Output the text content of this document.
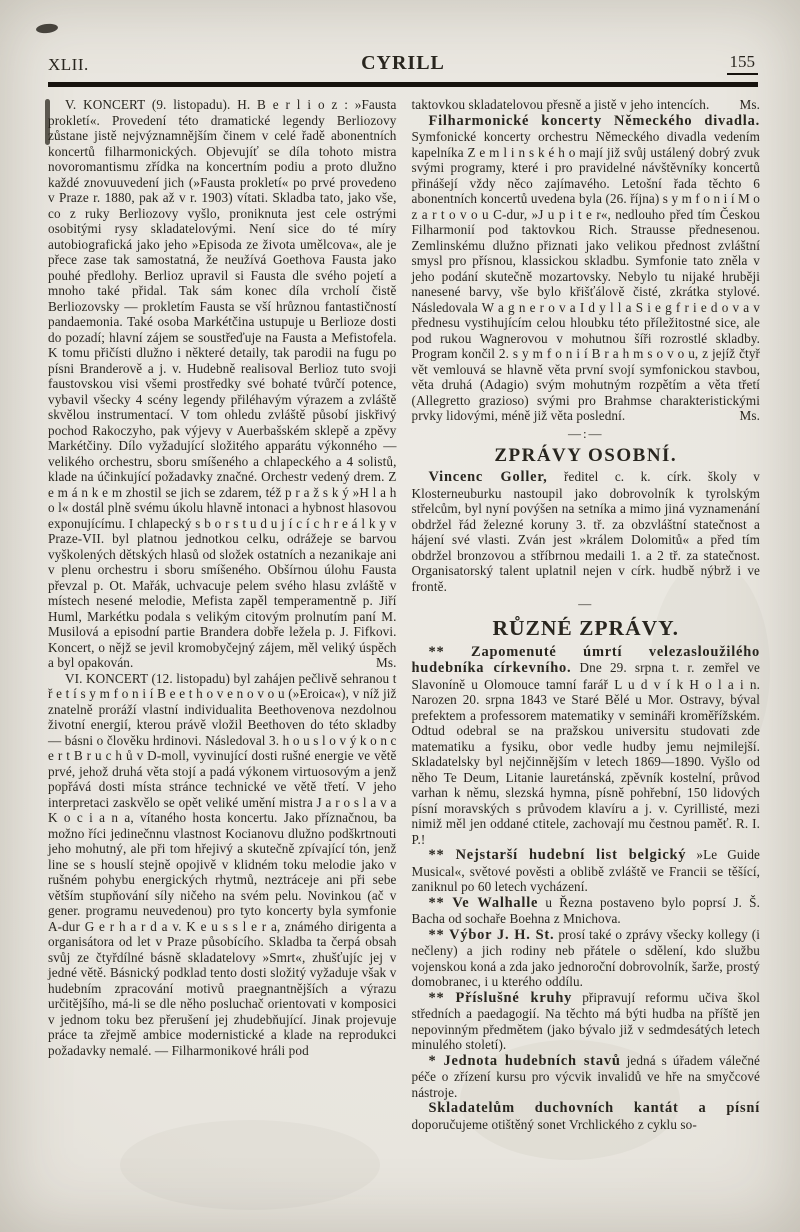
XLII.	CYRILL	155

V. KONCERT (9. listopadu). H. B e r l i o z : »Fausta prokletí«. Provedení této dramatické legendy Berliozovy zůstane jistě nejvýznamnějším činem v celé řadě abonentních koncertů filharmonických. Objevujíť se díla tohoto mistra novoromantismu zřídka na koncertním podiu a proto dlužno každé znovuuvedení jich (»Fausta prokletí« po prvé provedeno v Praze r. 1880, pak až v r. 1903) vítati. Skladba tato, jako vše, co z ruky Berliozovy vyšlo, proniknuta jest cele ostrými osobitými rysy skladatelovými. Není sice do té míry autobiografická jako jeho »Episoda ze života umělcova«, ale je přece zase tak samostatná, že neužívá Goethova Fausta jako pouhé předlohy. Berlioz upravil si Fausta dle svého pojetí a mnoho také přidal. Tak sám konec díla vrcholí čistě Berliozovsky — prokletím Fausta se vší hrůznou fantastičností pandaemonia. Také osoba Markétčina ustupuje u Berlioze dosti do pozadí; hlavní zájem se soustřeďuje na Fausta a Mefistofela. K tomu přičísti dlužno i některé detaily, tak parodii na fugu po písni Branderově a j. v. Hudebně realisoval Berlioz tuto svoji faustovskou visi všemi prostředky své bohaté tvůrčí potence, vybavil všecky 4 scény legendy přiléhavým výrazem a zvláště skvělou instrumentací. V tom ohledu zvláště působí jiskřivý pochod Rakoczyho, pak výjevy v Auerbašském sklepě a zpěvy Markétčiny. Dílo vyžadující složitého apparátu výkonného — velikého orchestru, sboru smíšeného a chlapeckého a 4 solistů, klade na účinkující požadavky značné. Orchestr vedený drem. Z e m á n k e m zhostil se jich se zdarem, též p r a ž s k ý »H l a h o l« dostál plně svému úkolu hlavně intonaci a hybnost hlasovou exponujícímu. I chlapecký s b o r s t u d u j í c í c h r e á l k y v Praze-VII. byl platnou jednotkou celku, odrážeje se barvou vyškolených dětských hlasů od složek ostatních a nezanikaje ani v plenu orchestru i sboru smíšeného. Obšírnou úlohu Fausta převzal p. Ot. Mařák, uchvacuje pelem svého hlasu zvláště v místech nesené melodie, Mefista zapěl temperamentně p. Jiří Huml, Markétku podala s velikým citovým prolnutím paní M. Musilová a episodní partie Brandera dobře ležela p. J. Fifkovi. Koncert, o nějž se jevil kromobyčejný zájem, měl veliký úspěch a byl opakován.	Ms.

VI. KONCERT (12. listopadu) byl zahájen pečlivě sehranou t ř e t í s y m f o n i í B e e t h o v e n o v o u (»Eroica«), v níž již znatelně proráží vlastní individualita Beethovenova nezdolnou životní energií, kterou právě vložil Beethoven do této skladby — básni o člověku hrdinovi. Následoval 3. h o u s l o v ý k o n c e r t B r u c h ů v D-moll, vyvinující dosti rušné energie ve větě prvé, jehož druhá věta stojí a padá výkonem virtuosovým a jenž popřává dosti místa stránce technické ve větě třetí. V jeho interpretaci zaskvělo se opět veliké umění mistra J a r o s l a v a K o c i a n a, vítaného hosta koncertu. Jako příznačnou, ba možno říci jedinečnnu vlastnost Kocianovu dlužno podškrtnouti jeho mohutný, ale při tom hřejivý a skutečně zpívající tón, jenž line se s houslí stejně opojivě v klidném toku melodie jako v rušném pohybu energických rhytmů, neztráceje ani při sebe větším stupňování síly ničeho na svém pelu. Novinkou (ač v gener. programu neuvedenou) pro tyto koncerty byla symfonie A-dur G e r h a r d a v. K e u s s l e r a, známého dirigenta a organisátora od let v Praze působícího. Skladba ta čerpá obsah svůj ze čtyřdílné básně skladatelovy »Smrt«, zhušťujíc jej v jedné větě. Básnický podklad tento dosti složitý vyžaduje však v hudebním zpracování motivů praegnantnějších a výrazu určitějšího, má-li se dle něho posluchač orientovati v komposici v jednom toku bez přerušení jej zhudebňující. Jinak projevuje práce ta zřejmě ambice modernistické a klade na reprodukci požadavky nemalé. — Filharmonikové hráli pod

taktovkou skladatelovou přesně a jistě v jeho intencích.	Ms.

Filharmonické koncerty Německého divadla. Symfonické koncerty orchestru Německého divadla vedením kapelníka Z e m l i n s k é h o mají již svůj ustálený dobrý zvuk svými programy, které i pro pravidelné návštěvníky koncertů přinášejí vždy něco zajímavého. Letošní řada těchto 6 abonentních koncertů uvedena byla (26. října) s y m f o n i í M o z a r t o v o u C-dur, »J u p i t e r«, nedlouho před tím Českou Filharmonií pod taktovkou Rich. Strausse přednesenou. Zemlinskému dlužno přiznati jako velikou přednost zvláštní smysl pro přísnou, klassickou skladbu. Symfonie tato zněla v jeho podání skutečně mozartovsky. Nebylo tu nijaké hruběji nanesené barvy, vše bylo křišťálově čisté, zkrátka stylové. Následovala W a g n e r o v a I d y l l a S i e g f r i e d o v a v přednesu vystihujícím celou hloubku této příležitostné sice, ale pod rukou Wagnerovou v mohutnou šíři rozrostlé skladby. Program končil 2. s y m f o n i í B r a h m s o v o u, z jejíž čtyř vět vemlouvá se hlavně věta první svojí symfonickou stavbou, věta druhá (Adagio) svým mohutným rozpětím a věta třetí (Allegretto grazioso) svými pro Brahmse charakteristickými prvky lidovými, méně již věta poslední.	Ms.

—:—
ZPRÁVY OSOBNÍ.

Vincenc Goller, ředitel c. k. círk. školy v Klosterneuburku nastoupil jako dobrovolník k tyrolským střelcům, byl nyní povýšen na setníka a mimo jiná vyznamenání obdržel řád železné koruny 3. tř. za obzvláštní statečnost a hájení své vlasti. Zván jest »králem Dolomitů« a před tím obdržel bronzovou a stříbrnou medaili 1. a 2 tř. za statečnost. Organisatorský talent uplatnil nejen v círk. hudbě nýbrž i ve frontě.

—
RŮZNÉ ZPRÁVY.

** Zapomenuté úmrtí velezasloužilého hudebníka církevního. Dne 29. srpna t. r. zemřel ve Slavoníně u Olomouce tamní farář L u d v í k H o l a i n. Narozen 20. srpna 1843 ve Staré Bělé u Mor. Ostravy, býval prefektem a professorem matematiky v semináři kroměřížském. Odtud odebral se na pražskou universitu studovati zde matematiku a fysiku, obor vedle hudby jemu nejmilejší. Skladatelsky byl nejčinnějším v letech 1869—1890. Vyšlo od něho Te Deum, Litanie lauretánská, zpěvník kostelní, průvod varhan k němu, slezská hymna, písně pohřební, 150 lidových písní moravských s průvodem klavíru a j. v. Cyrillisté, mezi nimiž měl jen oddané ctitele, zachovají mu čestnou paměť. R. I. P.!

** Nejstarší hudební list belgický »Le Guide Musical«, světové pověsti a oblibě zvláště ve Francii se těšící, zaniknul po 60 letech vycházení.

** Ve Walhalle u Řezna postaveno bylo poprsí J. Š. Bacha od sochaře Boehna z Mnichova.

** Výbor J. H. St. prosí také o zprávy všecky kollegy (i nečleny) a jich rodiny neb přátele o sdělení, kdo službu vojenskou koná a zda jako jednoroční dobrovolník, šarže, prostý domobranec, i u kterého oddílu.

** Příslušné kruhy připravují reformu učiva škol středních a paedagogií. Na těchto má býti hudba na příště jen nepovinným předmětem (jako bývalo již v sedmdesátých letech minulého století).

* Jednota hudebních stavů jedná s úřadem válečné péče o zřízení kursu pro výcvik invalidů ve hře na smyčcové nástroje.

Skladatelům duchovních kantát a písní doporučujeme otištěný sonet Vrchlického z cyklu so-
